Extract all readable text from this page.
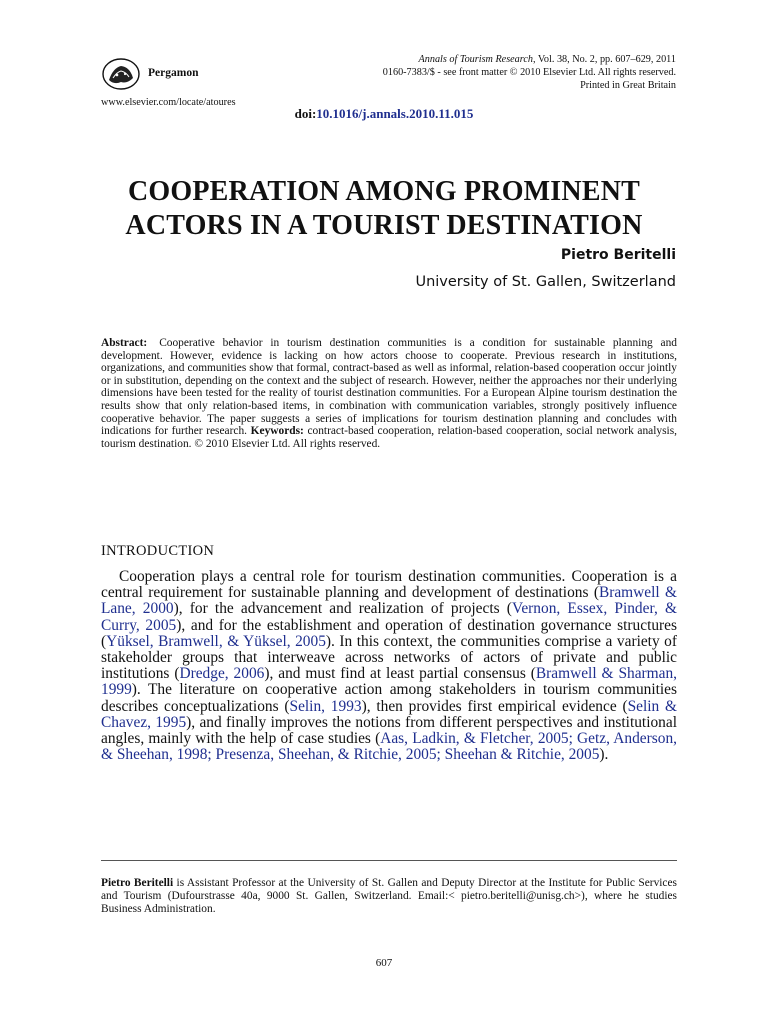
Pergamon
Annals of Tourism Research, Vol. 38, No. 2, pp. 607–629, 2011
0160-7383/$ - see front matter © 2010 Elsevier Ltd. All rights reserved.
Printed in Great Britain
www.elsevier.com/locate/atoures
doi:10.1016/j.annals.2010.11.015
COOPERATION AMONG PROMINENT
ACTORS IN A TOURIST DESTINATION
Pietro Beritelli
University of St. Gallen, Switzerland
Abstract: Cooperative behavior in tourism destination communities is a condition for sustainable planning and development. However, evidence is lacking on how actors choose to cooperate. Previous research in institutions, organizations, and communities show that formal, contract-based as well as informal, relation-based cooperation occur jointly or in substitution, depending on the context and the subject of research. However, neither the approaches nor their underlying dimensions have been tested for the reality of tourist destination communities. For a European Alpine tourism destination the results show that only relation-based items, in combination with communication variables, strongly positively influence cooperative behavior. The paper suggests a series of implications for tourism destination planning and concludes with indications for further research. Keywords: contract-based cooperation, relation-based cooperation, social network analysis, tourism destination. © 2010 Elsevier Ltd. All rights reserved.
INTRODUCTION
Cooperation plays a central role for tourism destination communities. Cooperation is a central requirement for sustainable planning and development of destinations (Bramwell & Lane, 2000), for the advancement and realization of projects (Vernon, Essex, Pinder, & Curry, 2005), and for the establishment and operation of destination governance structures (Yüksel, Bramwell, & Yüksel, 2005). In this context, the communities comprise a variety of stakeholder groups that interweave across networks of actors of private and public institutions (Dredge, 2006), and must find at least partial consensus (Bramwell & Sharman, 1999). The literature on cooperative action among stakeholders in tourism communities describes conceptualizations (Selin, 1993), then provides first empirical evidence (Selin & Chavez, 1995), and finally improves the notions from different perspectives and institutional angles, mainly with the help of case studies (Aas, Ladkin, & Fletcher, 2005; Getz, Anderson, & Sheehan, 1998; Presenza, Sheehan, & Ritchie, 2005; Sheehan & Ritchie, 2005).
Pietro Beritelli is Assistant Professor at the University of St. Gallen and Deputy Director at the Institute for Public Services and Tourism (Dufourstrasse 40a, 9000 St. Gallen, Switzerland. Email:< pietro.beritelli@unisg.ch>), where he studies Business Administration.
607
